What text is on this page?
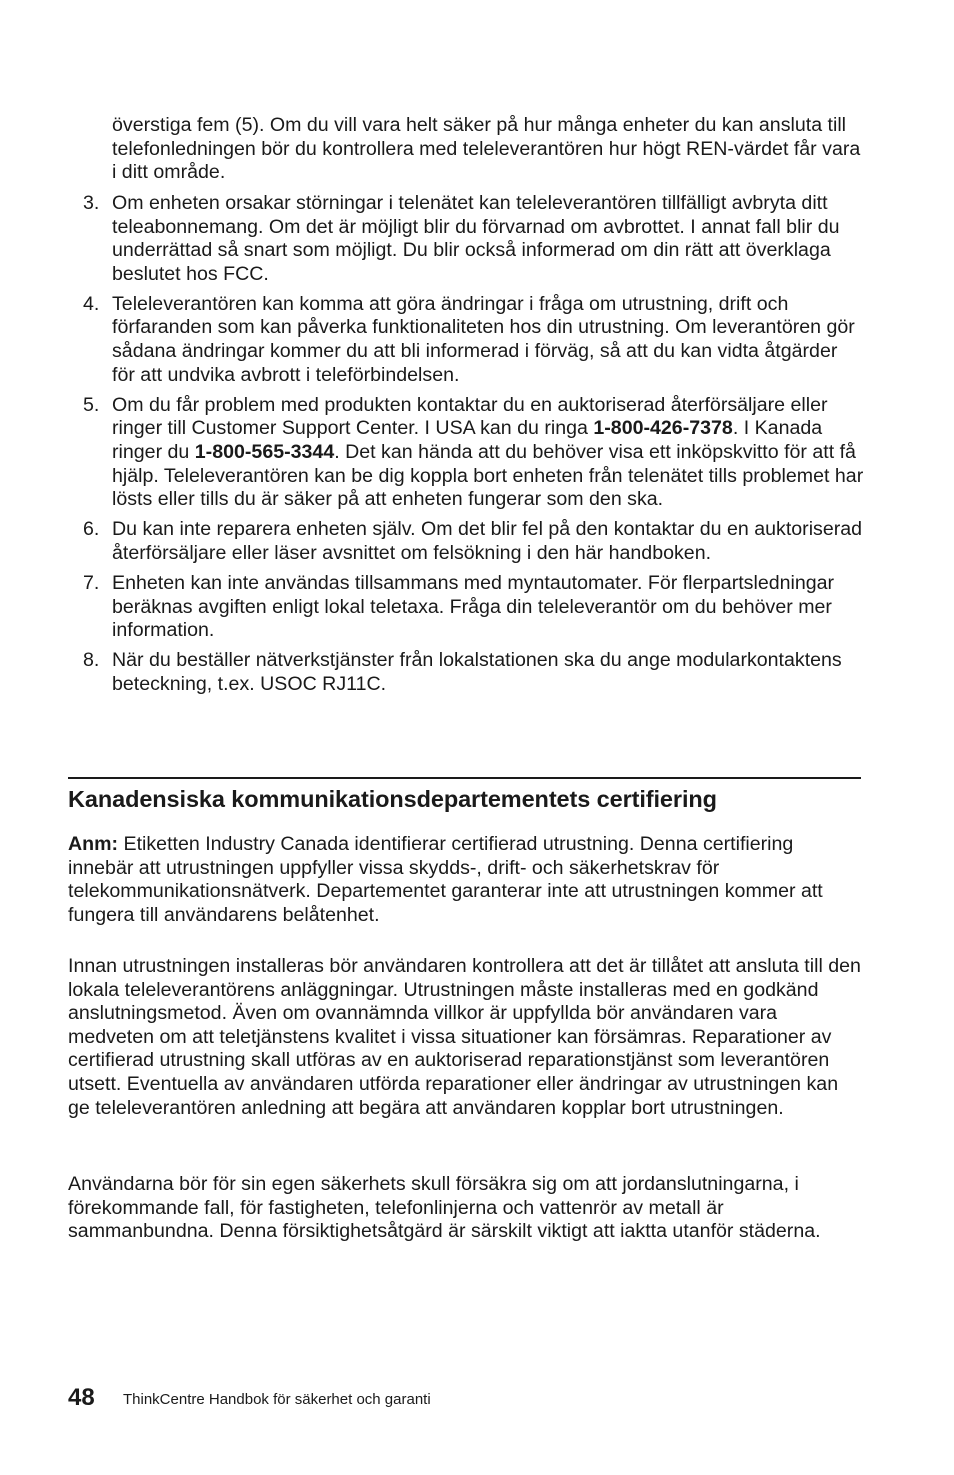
överstiga fem (5). Om du vill vara helt säker på hur många enheter du kan ansluta till telefonledningen bör du kontrollera med teleleverantören hur högt REN-värdet får vara i ditt område.

3. Om enheten orsakar störningar i telenätet kan teleleverantören tillfälligt avbryta ditt teleabonnemang. Om det är möjligt blir du förvarnad om avbrottet. I annat fall blir du underrättad så snart som möjligt. Du blir också informerad om din rätt att överklaga beslutet hos FCC.
4. Teleleverantören kan komma att göra ändringar i fråga om utrustning, drift och förfaranden som kan påverka funktionaliteten hos din utrustning. Om leverantören gör sådana ändringar kommer du att bli informerad i förväg, så att du kan vidta åtgärder för att undvika avbrott i teleförbindelsen.
5. Om du får problem med produkten kontaktar du en auktoriserad återförsäljare eller ringer till Customer Support Center. I USA kan du ringa 1-800-426-7378. I Kanada ringer du 1-800-565-3344. Det kan hända att du behöver visa ett inköpskvitto för att få hjälp. Teleleverantören kan be dig koppla bort enheten från telenätet tills problemet har lösts eller tills du är säker på att enheten fungerar som den ska.
6. Du kan inte reparera enheten själv. Om det blir fel på den kontaktar du en auktoriserad återförsäljare eller läser avsnittet om felsökning i den här handboken.
7. Enheten kan inte användas tillsammans med myntautomater. För flerpartsledningar beräknas avgiften enligt lokal teletaxa. Fråga din teleleverantör om du behöver mer information.
8. När du beställer nätverkstjänster från lokalstationen ska du ange modularkontaktens beteckning, t.ex. USOC RJ11C.
Kanadensiska kommunikationsdepartementets certifiering

Anm: Etiketten Industry Canada identifierar certifierad utrustning. Denna certifiering innebär att utrustningen uppfyller vissa skydds-, drift- och säkerhetskrav för telekommunikationsnätverk. Departementet garanterar inte att utrustningen kommer att fungera till användarens belåtenhet.

Innan utrustningen installeras bör användaren kontrollera att det är tillåtet att ansluta till den lokala teleleverantörens anläggningar. Utrustningen måste installeras med en godkänd anslutningsmetod. Även om ovannämnda villkor är uppfyllda bör användaren vara medveten om att teletjänstens kvalitet i vissa situationer kan försämras. Reparationer av certifierad utrustning skall utföras av en auktoriserad reparationstjänst som leverantören utsett. Eventuella av användaren utförda reparationer eller ändringar av utrustningen kan ge teleleverantören anledning att begära att användaren kopplar bort utrustningen.

Användarna bör för sin egen säkerhets skull försäkra sig om att jordanslutningarna, i förekommande fall, för fastigheten, telefonlinjerna och vattenrör av metall är sammanbundna. Denna försiktighetsåtgärd är särskilt viktigt att iaktta utanför städerna.

48 ThinkCentre Handbok för säkerhet och garanti
